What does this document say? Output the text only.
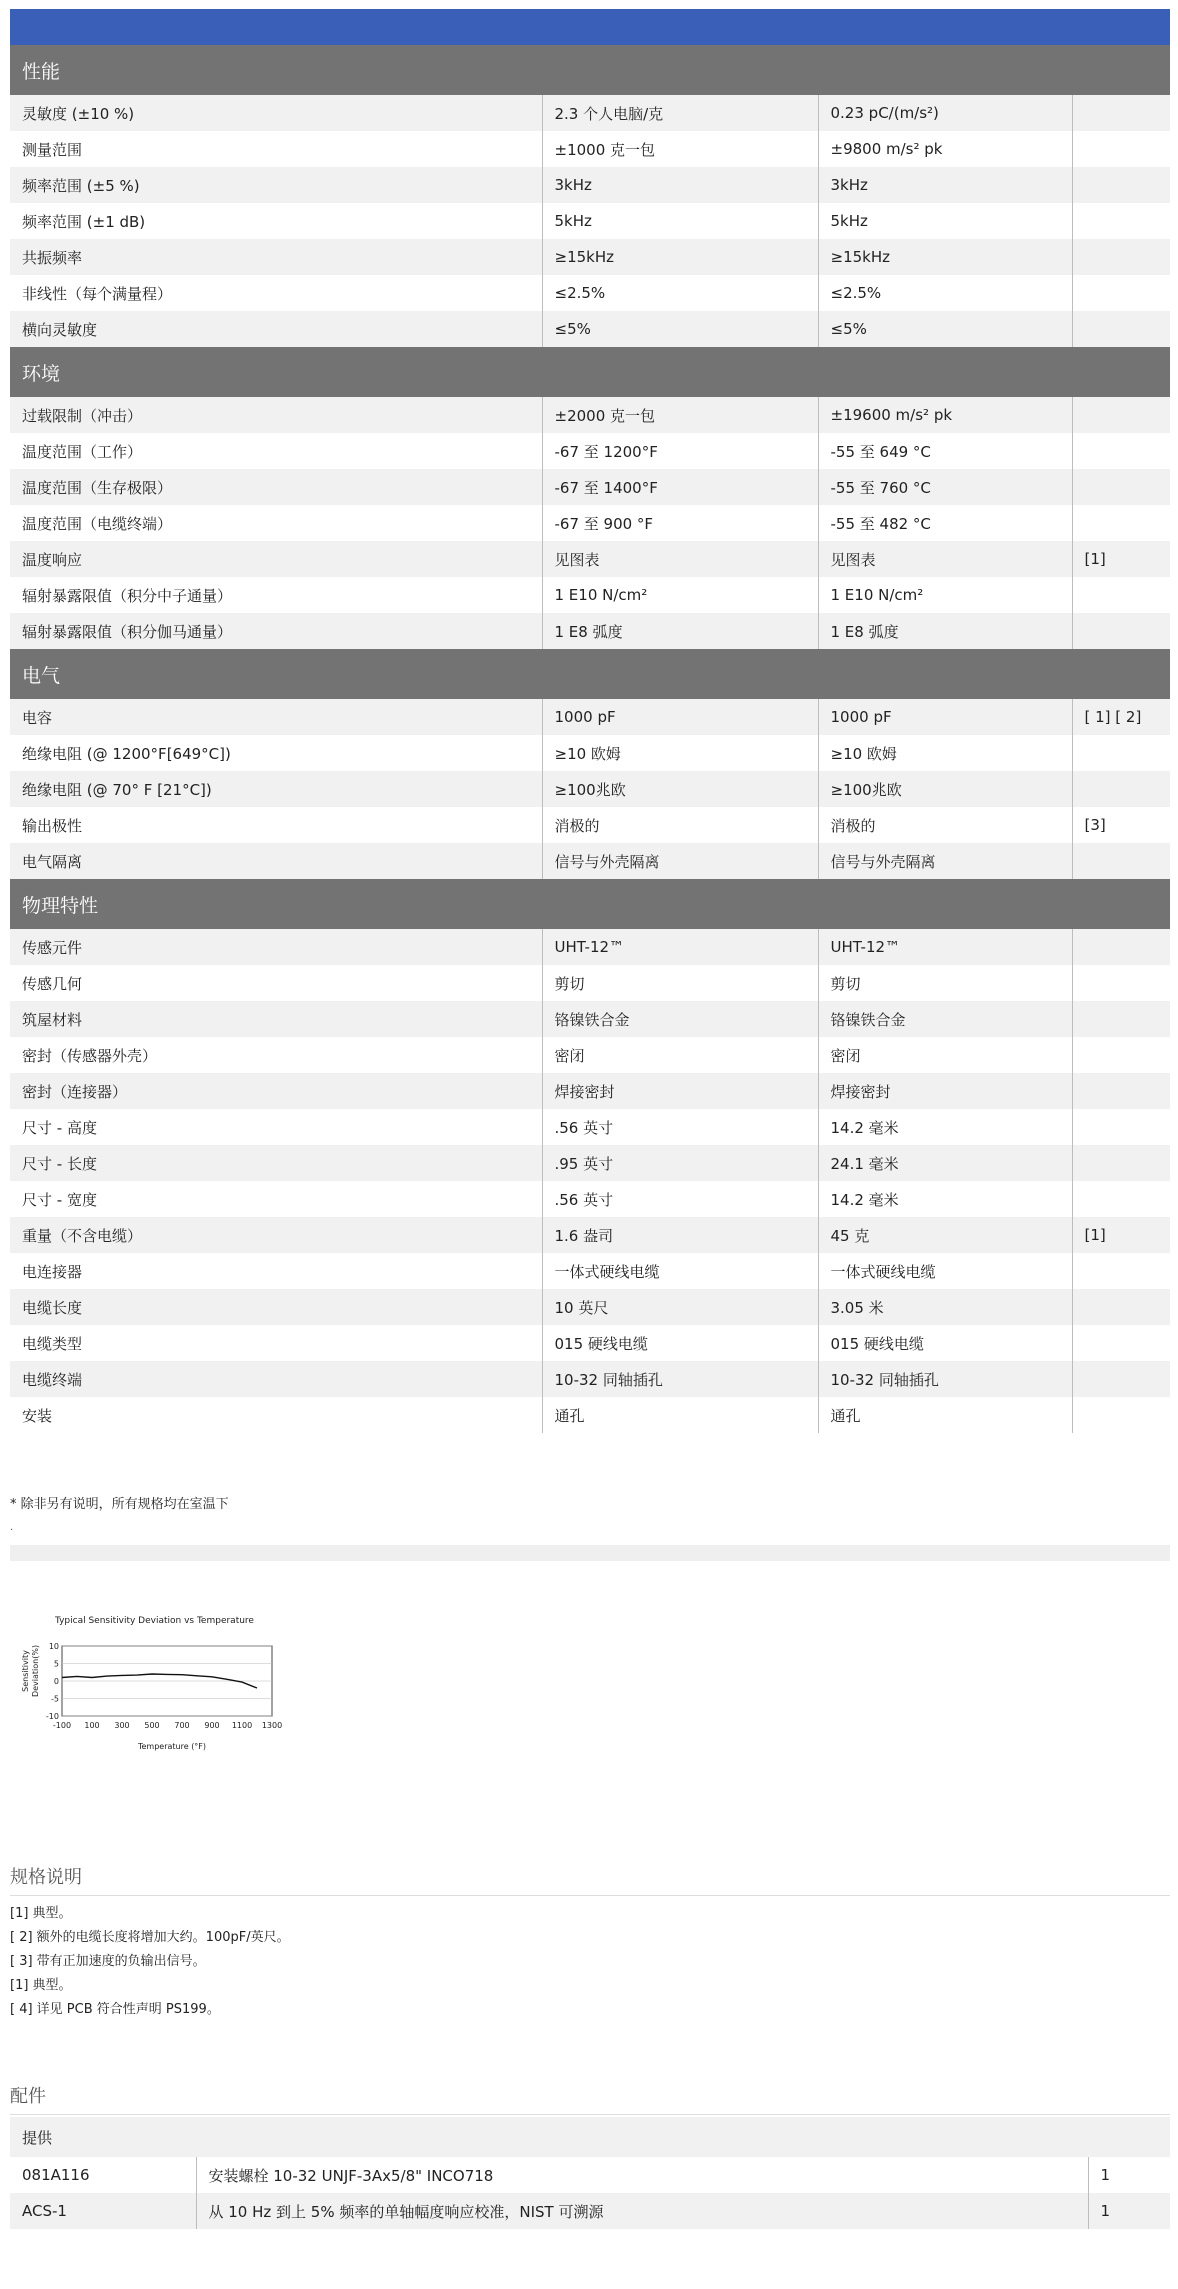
性能			
灵敏度 (±10 %)	2.3 个人电脑/克	0.23 pC/(m/s²)	
测量范围	±1000 克一包	±9800 m/s² pk	
频率范围 (±5 %)	3kHz	3kHz	
频率范围 (±1 dB)	5kHz	5kHz	
共振频率	≥15kHz	≥15kHz	
非线性（每个满量程）	≤2.5%	≤2.5%	
横向灵敏度	≤5%	≤5%	
环境			
过载限制（冲击）	±2000 克一包	±19600 m/s² pk	
温度范围（工作）	-67 至 1200°F	-55 至 649 °C	
温度范围（生存极限）	-67 至 1400°F	-55 至 760 °C	
温度范围（电缆终端）	-67 至 900 °F	-55 至 482 °C	
温度响应	见图表	见图表	[1]
辐射暴露限值（积分中子通量）	1 E10 N/cm²	1 E10 N/cm²	
辐射暴露限值（积分伽马通量）	1 E8 弧度	1 E8 弧度	
电气			
电容	1000 pF	1000 pF	[ 1] [ 2]
绝缘电阻 (@ 1200°F[649°C])	≥10 欧姆	≥10 欧姆	
绝缘电阻 (@ 70° F [21°C])	≥100兆欧	≥100兆欧	
输出极性	消极的	消极的	[3]
电气隔离	信号与外壳隔离	信号与外壳隔离	
物理特性			
传感元件	UHT-12™	UHT-12™	
传感几何	剪切	剪切	
筑屋材料	铬镍铁合金	铬镍铁合金	
密封（传感器外壳）	密闭	密闭	
密封（连接器）	焊接密封	焊接密封	
尺寸 - 高度	.56 英寸	14.2 毫米	
尺寸 - 长度	.95 英寸	24.1 毫米	
尺寸 - 宽度	.56 英寸	14.2 毫米	
重量（不含电缆）	1.6 盎司	45 克	[1]
电连接器	一体式硬线电缆	一体式硬线电缆	
电缆长度	10 英尺	3.05 米	
电缆类型	015 硬线电缆	015 硬线电缆	
电缆终端	10-32 同轴插孔	10-32 同轴插孔	
安装	通孔	通孔	
* 除非另有说明，所有规格均在室温下
.
Typical Sensitivity Deviation vs Temperature
Sensitivity Deviation(%)
Temperature (°F)
10
5
0
-5
-10
-100 100 300 500 700 900 1100 1300
规格说明
[1] 典型。
[ 2] 额外的电缆长度将增加大约。100pF/英尺。
[ 3] 带有正加速度的负输出信号。
[1] 典型。
[ 4] 详见 PCB 符合性声明 PS199。
配件
提供		
081A116	安装螺栓 10-32 UNJF-3Ax5/8" INCO718	1
ACS-1	从 10 Hz 到上 5% 频率的单轴幅度响应校准，NIST 可溯源	1
